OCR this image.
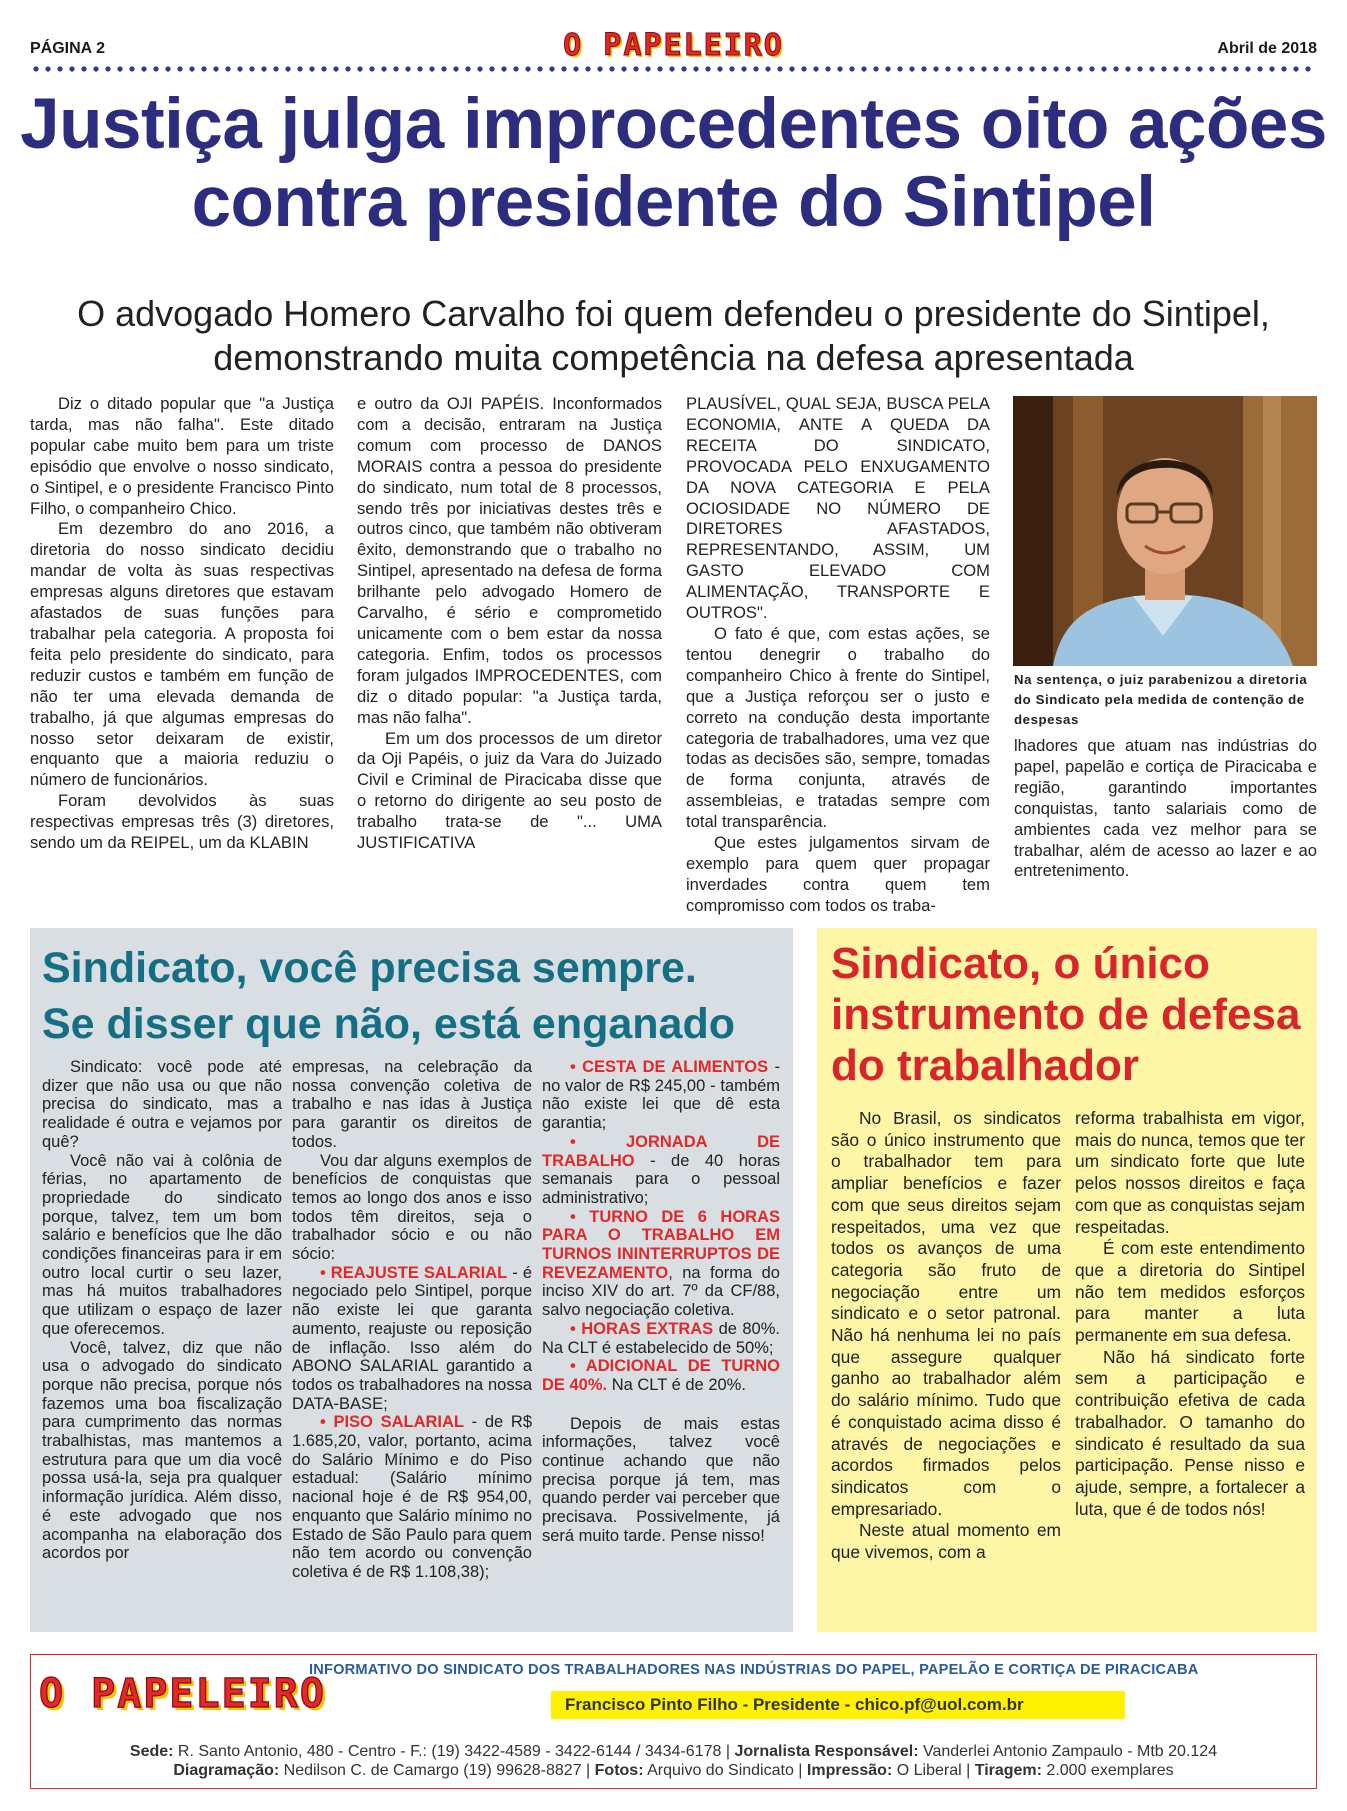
PÁGINA 2	O PAPELEIRO	Abril de 2018
Justiça julga improcedentes oito ações contra presidente do Sintipel
O advogado Homero Carvalho foi quem defendeu o presidente do Sintipel, demonstrando muita competência na defesa apresentada

Diz o ditado popular que "a Justiça tarda, mas não falha". Este ditado popular cabe muito bem para um triste episódio que envolve o nosso sindicato, o Sintipel, e o presidente Francisco Pinto Filho, o companheiro Chico.

Em dezembro do ano 2016, a diretoria do nosso sindicato decidiu mandar de volta às suas respectivas empresas alguns diretores que estavam afastados de suas funções para trabalhar pela categoria. A proposta foi feita pelo presidente do sindicato, para reduzir custos e também em função de não ter uma elevada demanda de trabalho, já que algumas empresas do nosso setor deixaram de existir, enquanto que a maioria reduziu o número de funcionários.

Foram devolvidos às suas respectivas empresas três (3) diretores, sendo um da REIPEL, um da KLABIN

e outro da OJI PAPÉIS. Inconformados com a decisão, entraram na Justiça comum com processo de DANOS MORAIS contra a pessoa do presidente do sindicato, num total de 8 processos, sendo três por iniciativas destes três e outros cinco, que também não obtiveram êxito, demonstrando que o trabalho no Sintipel, apresentado na defesa de forma brilhante pelo advogado Homero de Carvalho, é sério e comprometido unicamente com o bem estar da nossa categoria. Enfim, todos os processos foram julgados IMPROCEDENTES, com diz o ditado popular: "a Justiça tarda, mas não falha".

Em um dos processos de um diretor da Oji Papéis, o juiz da Vara do Juizado Civil e Criminal de Piracicaba disse que o retorno do dirigente ao seu posto de trabalho trata-se de "... UMA JUSTIFICATIVA

PLAUSÍVEL, QUAL SEJA, BUSCA PELA ECONOMIA, ANTE A QUEDA DA RECEITA DO SINDICATO, PROVOCADA PELO ENXUGAMENTO DA NOVA CATEGORIA E PELA OCIOSIDADE NO NÚMERO DE DIRETORES AFASTADOS, REPRESENTANDO, ASSIM, UM GASTO ELEVADO COM ALIMENTAÇÃO, TRANSPORTE E OUTROS".

O fato é que, com estas ações, se tentou denegrir o trabalho do companheiro Chico à frente do Sintipel, que a Justiça reforçou ser o justo e correto na condução desta importante categoria de trabalhadores, uma vez que todas as decisões são, sempre, tomadas de forma conjunta, através de assembleias, e tratadas sempre com total transparência.

Que estes julgamentos sirvam de exemplo para quem quer propagar inverdades contra quem tem compromisso com todos os traba-

Na sentença, o juiz parabenizou a diretoria do Sindicato pela medida de contenção de despesas

lhadores que atuam nas indústrias do papel, papelão e cortiça de Piracicaba e região, garantindo importantes conquistas, tanto salariais como de ambientes cada vez melhor para se trabalhar, além de acesso ao lazer e ao entretenimento.

Sindicato, você precisa sempre.
Se disser que não, está enganado

Sindicato: você pode até dizer que não usa ou que não precisa do sindicato, mas a realidade é outra e vejamos por quê?

Você não vai à colônia de férias, no apartamento de propriedade do sindicato porque, talvez, tem um bom salário e benefícios que lhe dão condições financeiras para ir em outro local curtir o seu lazer, mas há muitos trabalhadores que utilizam o espaço de lazer que oferecemos.

Você, talvez, diz que não usa o advogado do sindicato porque não precisa, porque nós fazemos uma boa fiscalização para cumprimento das normas trabalhistas, mas mantemos a estrutura para que um dia você possa usá-la, seja pra qualquer informação jurídica. Além disso, é este advogado que nos acompanha na elaboração dos acordos por

empresas, na celebração da nossa convenção coletiva de trabalho e nas idas à Justiça para garantir os direitos de todos.

Vou dar alguns exemplos de benefícios de conquistas que temos ao longo dos anos e isso todos têm direitos, seja o trabalhador sócio e ou não sócio:

• REAJUSTE SALARIAL - é negociado pelo Sintipel, porque não existe lei que garanta aumento, reajuste ou reposição de inflação. Isso além do ABONO SALARIAL garantido a todos os trabalhadores na nossa DATA-BASE;

• PISO SALARIAL - de R$ 1.685,20, valor, portanto, acima do Salário Mínimo e do Piso estadual: (Salário mínimo nacional hoje é de R$ 954,00, enquanto que Salário mínimo no Estado de São Paulo para quem não tem acordo ou convenção coletiva é de R$ 1.108,38);

• CESTA DE ALIMENTOS - no valor de R$ 245,00 - também não existe lei que dê esta garantia;

• JORNADA DE TRABALHO - de 40 horas semanais para o pessoal administrativo;

• TURNO DE 6 HORAS PARA O TRABALHO EM TURNOS ININTERRUPTOS DE REVEZAMENTO, na forma do inciso XIV do art. 7º da CF/88, salvo negociação coletiva.

• HORAS EXTRAS de 80%. Na CLT é estabelecido de 50%;

• ADICIONAL DE TURNO DE 40%. Na CLT é de 20%.

Depois de mais estas informações, talvez você continue achando que não precisa porque já tem, mas quando perder vai perceber que precisava. Possivelmente, já será muito tarde. Pense nisso!

Sindicato, o único
instrumento de defesa
do trabalhador

No Brasil, os sindicatos são o único instrumento que o trabalhador tem para ampliar benefícios e fazer com que seus direitos sejam respeitados, uma vez que todos os avanços de uma categoria são fruto de negociação entre um sindicato e o setor patronal. Não há nenhuma lei no país que assegure qualquer ganho ao trabalhador além do salário mínimo. Tudo que é conquistado acima disso é através de negociações e acordos firmados pelos sindicatos com o empresariado.

Neste atual momento em que vivemos, com a

reforma trabalhista em vigor, mais do nunca, temos que ter um sindicato forte que lute pelos nossos direitos e faça com que as conquistas sejam respeitadas.

É com este entendimento que a diretoria do Sintipel não tem medidos esforços para manter a luta permanente em sua defesa.

Não há sindicato forte sem a participação e contribuição efetiva de cada trabalhador. O tamanho do sindicato é resultado da sua participação. Pense nisso e ajude, sempre, a fortalecer a luta, que é de todos nós!

O PAPELEIRO
INFORMATIVO DO SINDICATO DOS TRABALHADORES NAS INDÚSTRIAS DO PAPEL, PAPELÃO E CORTIÇA DE PIRACICABA
Francisco Pinto Filho - Presidente - chico.pf@uol.com.br
Sede: R. Santo Antonio, 480 - Centro - F.: (19) 3422-4589 - 3422-6144 / 3434-6178 | Jornalista Responsável: Vanderlei Antonio Zampaulo - Mtb 20.124
Diagramação: Nedilson C. de Camargo (19) 99628-8827 | Fotos: Arquivo do Sindicato | Impressão: O Liberal | Tiragem: 2.000 exemplares
